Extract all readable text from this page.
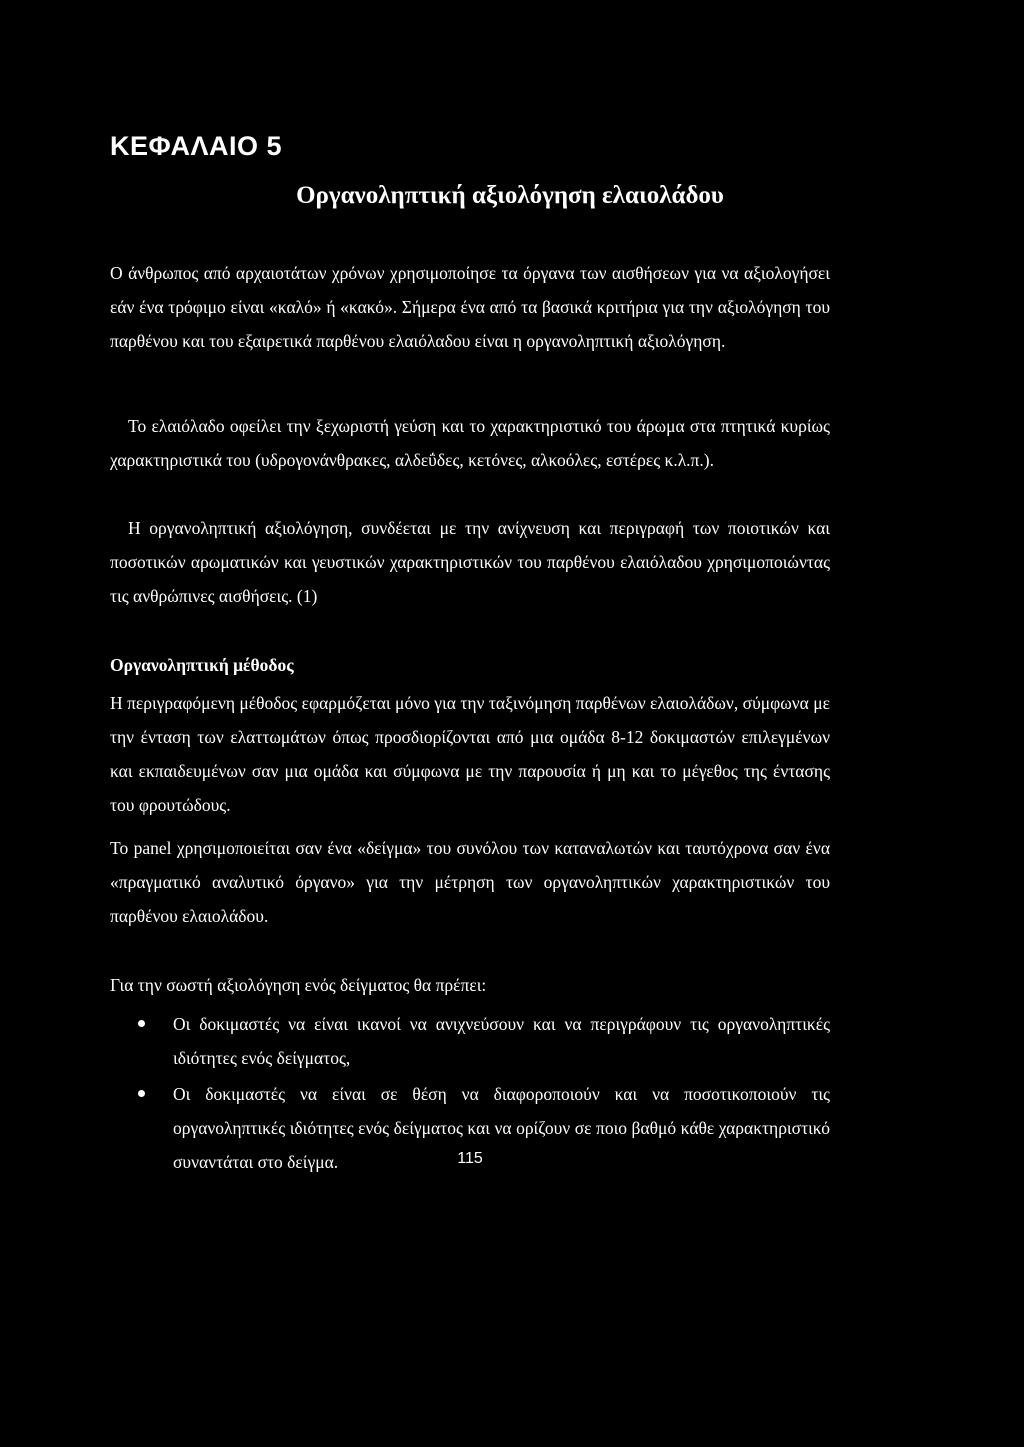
ΚΕΦΑΛΑΙΟ 5
Οργανοληπτική αξιολόγηση ελαιολάδου

Ο άνθρωπος από αρχαιοτάτων χρόνων χρησιμοποίησε τα όργανα των αισθήσεων για να αξιολογήσει εάν ένα τρόφιμο είναι «καλό» ή «κακό». Σήμερα ένα από τα βασικά κριτήρια για την αξιολόγηση του παρθένου και του εξαιρετικά παρθένου ελαιόλαδου είναι η οργανοληπτική αξιολόγηση.

Το ελαιόλαδο οφείλει την ξεχωριστή γεύση και το χαρακτηριστικό του άρωμα στα πτητικά κυρίως χαρακτηριστικά του (υδρογονάνθρακες, αλδεΰδες, κετόνες, αλκοόλες, εστέρες κ.λ.π.).

Η οργανοληπτική αξιολόγηση, συνδέεται με την ανίχνευση και περιγραφή των ποιοτικών και ποσοτικών αρωματικών και γευστικών χαρακτηριστικών του παρθένου ελαιόλαδου χρησιμοποιώντας τις ανθρώπινες αισθήσεις. (1)

Οργανοληπτική μέθοδος

Η περιγραφόμενη μέθοδος εφαρμόζεται μόνο για την ταξινόμηση παρθένων ελαιολάδων, σύμφωνα με την ένταση των ελαττωμάτων όπως προσδιορίζονται από μια ομάδα 8-12 δοκιμαστών επιλεγμένων και εκπαιδευμένων σαν μια ομάδα και σύμφωνα με την παρουσία ή μη και το μέγεθος της έντασης του φρουτώδους.

Το panel χρησιμοποιείται σαν ένα «δείγμα» του συνόλου των καταναλωτών και ταυτόχρονα σαν ένα «πραγματικό αναλυτικό όργανο» για την μέτρηση των οργανοληπτικών χαρακτηριστικών του παρθένου ελαιολάδου.

Για την σωστή αξιολόγηση ενός δείγματος θα πρέπει:

Οι δοκιμαστές να είναι ικανοί να ανιχνεύσουν και να περιγράφουν τις οργανοληπτικές ιδιότητες ενός δείγματος,
Οι δοκιμαστές να είναι σε θέση να διαφοροποιούν και να ποσοτικοποιούν τις οργανοληπτικές ιδιότητες ενός δείγματος και να ορίζουν σε ποιο βαθμό κάθε χαρακτηριστικό συναντάται στο δείγμα.	115
